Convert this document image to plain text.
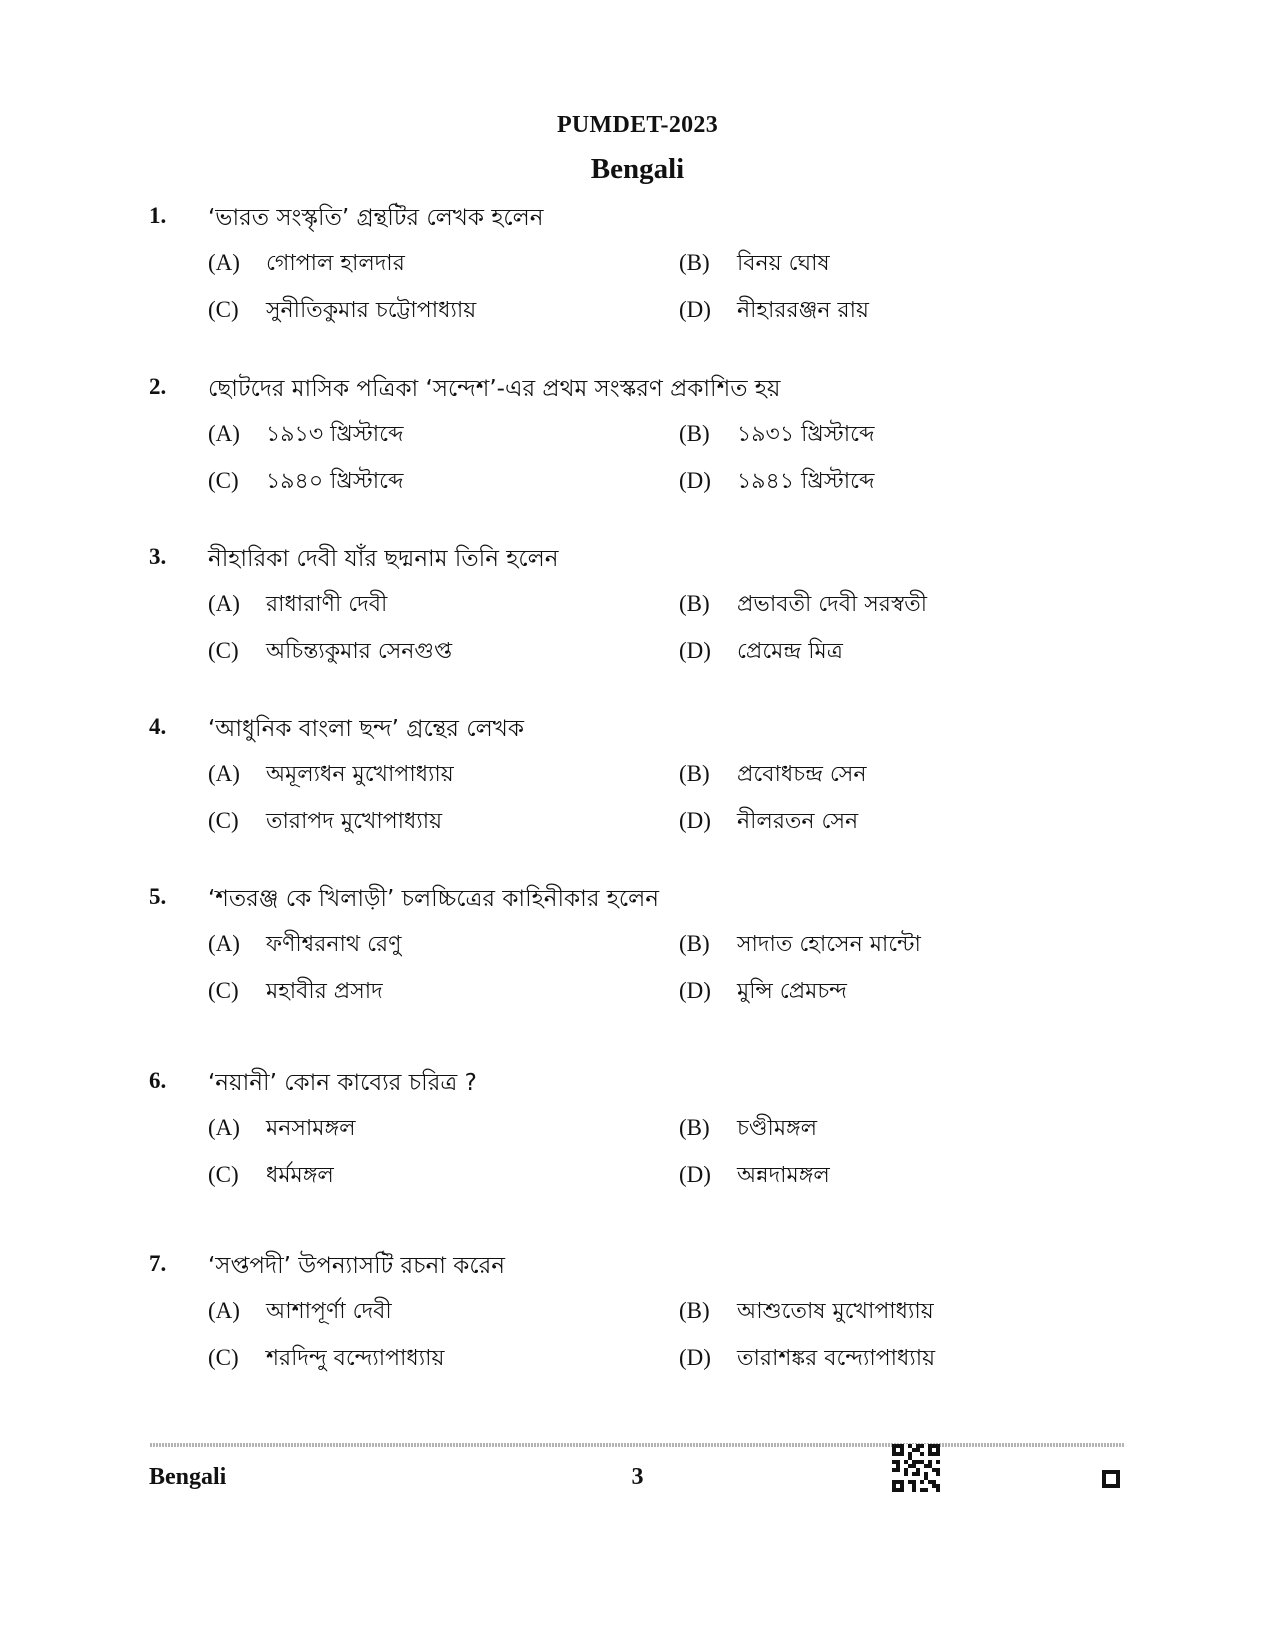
PUMDET-2023
Bengali
1. ‘ভারত সংস্কৃতি’ গ্রন্থটির লেখক হলেন
(A) গোপাল হালদার	(B) বিনয় ঘোষ
(C) সুনীতিকুমার চট্টোপাধ্যায়	(D) নীহাররঞ্জন রায়
2. ছোটদের মাসিক পত্রিকা ‘সন্দেশ’-এর প্রথম সংস্করণ প্রকাশিত হয়
(A) ১৯১৩ খ্রিস্টাব্দে	(B) ১৯৩১ খ্রিস্টাব্দে
(C) ১৯৪০ খ্রিস্টাব্দে	(D) ১৯৪১ খ্রিস্টাব্দে
3. নীহারিকা দেবী যাঁর ছদ্মনাম তিনি হলেন
(A) রাধারাণী দেবী	(B) প্রভাবতী দেবী সরস্বতী
(C) অচিন্ত্যকুমার সেনগুপ্ত	(D) প্রেমেন্দ্র মিত্র
4. ‘আধুনিক বাংলা ছন্দ’ গ্রন্থের লেখক
(A) অমূল্যধন মুখোপাধ্যায়	(B) প্রবোধচন্দ্র সেন
(C) তারাপদ মুখোপাধ্যায়	(D) নীলরতন সেন
5. ‘শতরঞ্জ কে খিলাড়ী’ চলচ্চিত্রের কাহিনীকার হলেন
(A) ফণীশ্বরনাথ রেণু	(B) সাদাত হোসেন মান্টো
(C) মহাবীর প্রসাদ	(D) মুন্সি প্রেমচন্দ
6. ‘নয়ানী’ কোন কাব্যের চরিত্র ?
(A) মনসামঙ্গল	(B) চণ্ডীমঙ্গল
(C) ধর্মমঙ্গল	(D) অন্নদামঙ্গল
7. ‘সপ্তপদী’ উপন্যাসটি রচনা করেন
(A) আশাপূর্ণা দেবী	(B) আশুতোষ মুখোপাধ্যায়
(C) শরদিন্দু বন্দ্যোপাধ্যায়	(D) তারাশঙ্কর বন্দ্যোপাধ্যায়
Bengali	3
